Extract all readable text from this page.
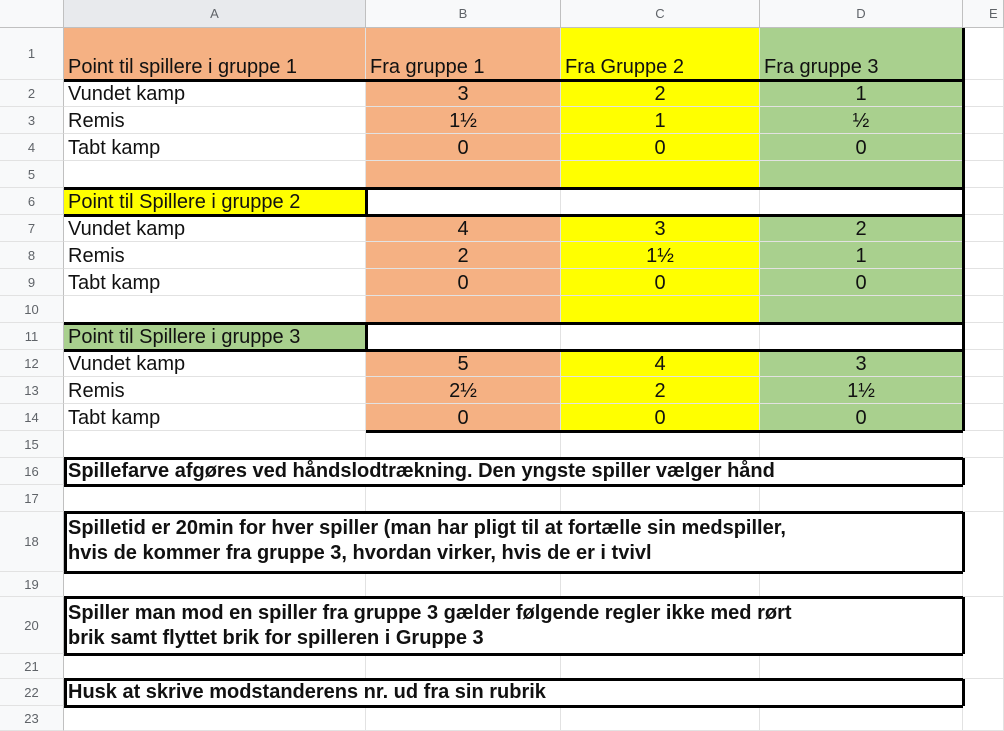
A	B	C	D	E
1
2
3
4
5
6
7
8
9
10
11
12
13
14
15
16
17
18
19
20
21
22
23
Point til spillere i gruppe 1	Fra gruppe 1	Fra Gruppe 2	Fra gruppe 3
Vundet kamp	3	2	1
Remis	1½	1	½
Tabt kamp	0	0	0
Point til Spillere i gruppe 2
Vundet kamp	4	3	2
Remis	2	1½	1
Tabt kamp	0	0	0
Point til Spillere i gruppe 3
Vundet kamp	5	4	3
Remis	2½	2	1½
Tabt kamp	0	0	0
Spillefarve afgøres ved håndslodtrækning. Den yngste spiller vælger hånd
Spilletid er 20min for hver spiller (man har pligt til at fortælle sin medspiller,
hvis de kommer fra gruppe 3, hvordan virker, hvis de er i tvivl
Spiller man mod en spiller fra gruppe 3 gælder følgende regler ikke med rørt
brik samt flyttet brik for spilleren i Gruppe 3
Husk at skrive modstanderens nr. ud fra sin rubrik
